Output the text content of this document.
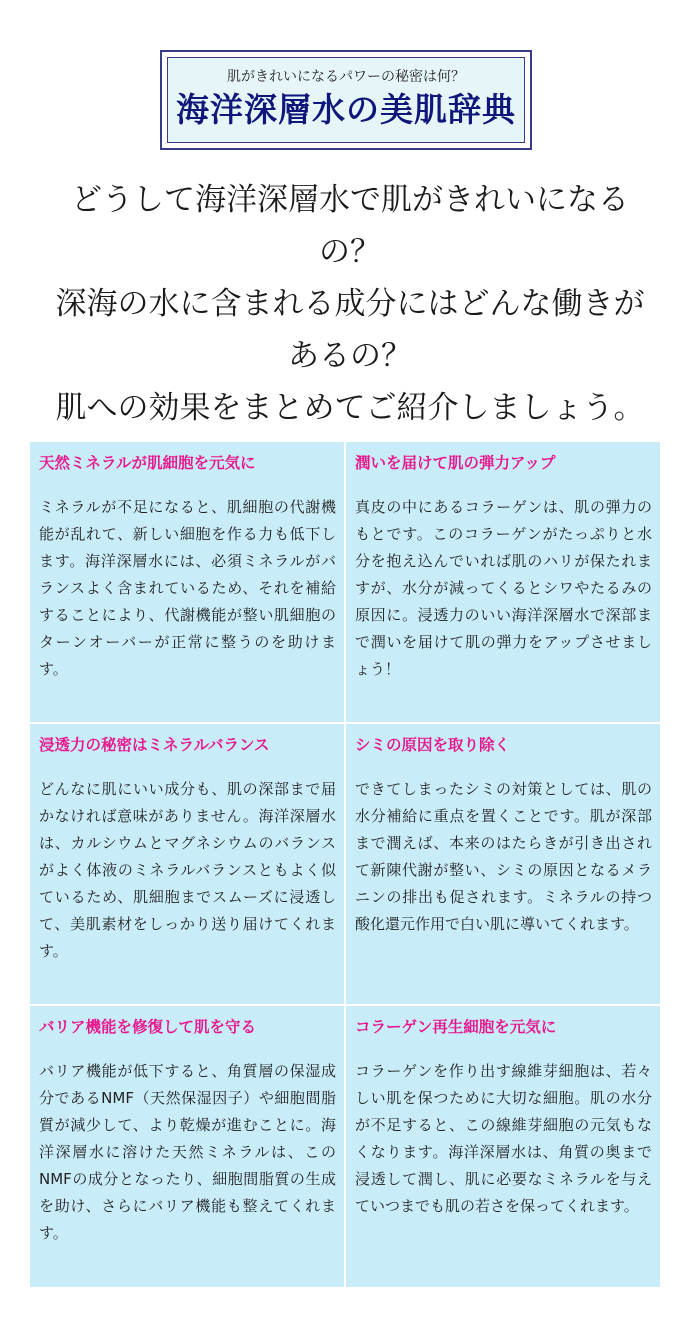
肌がきれいになるパワーの秘密は何？
海洋深層水の美肌辞典
どうして海洋深層水で肌がきれいになる
の？
深海の水に含まれる成分にはどんな働きが
あるの？
肌への効果をまとめてご紹介しましょう。
天然ミネラルが肌細胞を元気に
ミネラルが不足になると、肌細胞の代謝機能が乱れて、新しい細胞を作る力も低下します。海洋深層水には、必須ミネラルがバランスよく含まれているため、それを補給することにより、代謝機能が整い肌細胞のターンオーバーが正常に整うのを助けます。
潤いを届けて肌の弾力アップ
真皮の中にあるコラーゲンは、肌の弾力のもとです。このコラーゲンがたっぷりと水分を抱え込んでいれば肌のハリが保たれますが、水分が減ってくるとシワやたるみの原因に。浸透力のいい海洋深層水で深部まで潤いを届けて肌の弾力をアップさせましょう！
浸透力の秘密はミネラルバランス
どんなに肌にいい成分も、肌の深部まで届かなければ意味がありません。海洋深層水は、カルシウムとマグネシウムのバランスがよく体液のミネラルバランスともよく似ているため、肌細胞までスムーズに浸透して、美肌素材をしっかり送り届けてくれます。
シミの原因を取り除く
できてしまったシミの対策としては、肌の水分補給に重点を置くことです。肌が深部まで潤えば、本来のはたらきが引き出されて新陳代謝が整い、シミの原因となるメラニンの排出も促されます。ミネラルの持つ酸化還元作用で白い肌に導いてくれます。
バリア機能を修復して肌を守る
バリア機能が低下すると、角質層の保湿成分であるNMF（天然保湿因子）や細胞間脂質が減少して、より乾燥が進むことに。海洋深層水に溶けた天然ミネラルは、このNMFの成分となったり、細胞間脂質の生成を助け、さらにバリア機能も整えてくれます。
コラーゲン再生細胞を元気に
コラーゲンを作り出す線維芽細胞は、若々しい肌を保つために大切な細胞。肌の水分が不足すると、この線維芽細胞の元気もなくなります。海洋深層水は、角質の奥まで浸透して潤し、肌に必要なミネラルを与えていつまでも肌の若さを保ってくれます。
